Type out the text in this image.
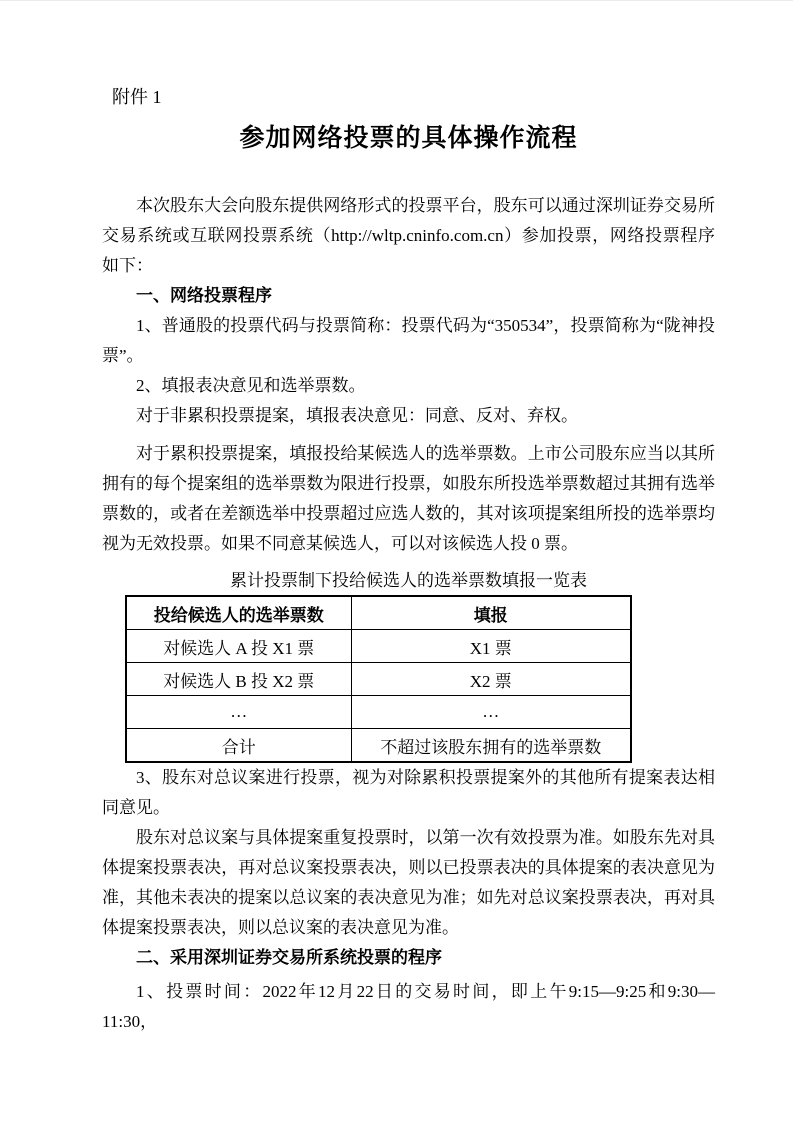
附件 1
参加网络投票的具体操作流程

本次股东大会向股东提供网络形式的投票平台，股东可以通过深圳证券交易所交易系统或互联网投票系统（http://wltp.cninfo.com.cn）参加投票，网络投票程序如下：

一、网络投票程序

1、普通股的投票代码与投票简称：投票代码为“350534”，投票简称为“陇神投票”。

2、填报表决意见和选举票数。

对于非累积投票提案，填报表决意见：同意、反对、弃权。

对于累积投票提案，填报投给某候选人的选举票数。上市公司股东应当以其所拥有的每个提案组的选举票数为限进行投票，如股东所投选举票数超过其拥有选举票数的，或者在差额选举中投票超过应选人数的，其对该项提案组所投的选举票均视为无效投票。如果不同意某候选人，可以对该候选人投 0 票。

累计投票制下投给候选人的选举票数填报一览表

投给候选人的选举票数	填报
对候选人 A 投 X1 票	X1 票
对候选人 B 投 X2 票	X2 票
…	…
合计	不超过该股东拥有的选举票数

3、股东对总议案进行投票，视为对除累积投票提案外的其他所有提案表达相同意见。

股东对总议案与具体提案重复投票时，以第一次有效投票为准。如股东先对具体提案投票表决，再对总议案投票表决，则以已投票表决的具体提案的表决意见为准，其他未表决的提案以总议案的表决意见为准；如先对总议案投票表决，再对具体提案投票表决，则以总议案的表决意见为准。

二、采用深圳证券交易所系统投票的程序

1、投票时间：2022年12月22日的交易时间，即上午9:15—9:25和9:30—11:30，
